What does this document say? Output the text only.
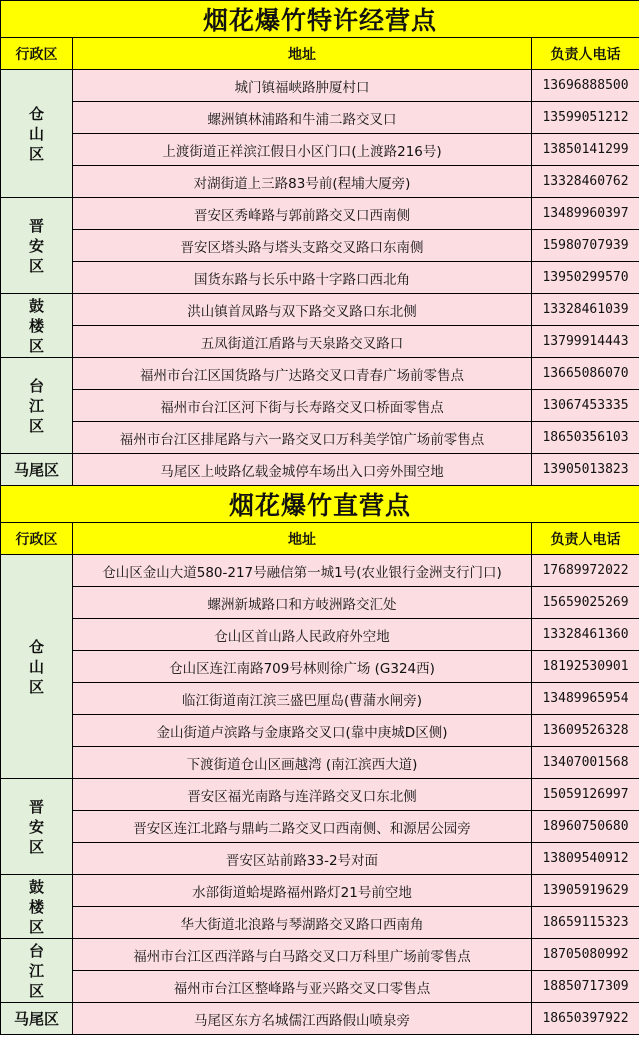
烟花爆竹特许经营点		
行政区	地址	负责人电话
仓山区	城门镇福峡路肿厦村口	13696888500
	螺洲镇林浦路和牛浦二路交叉口	13599051212
	上渡街道正祥滨江假日小区门口(上渡路216号)	13850141299
	对湖街道上三路83号前(程埔大厦旁)	13328460762
晋安区	晋安区秀峰路与郭前路交叉口西南侧	13489960397
	晋安区塔头路与塔头支路交叉路口东南侧	15980707939
	国货东路与长乐中路十字路口西北角	13950299570
鼓楼区	洪山镇首凤路与双下路交叉路口东北侧	13328461039
	五凤街道江盾路与天泉路交叉路口	13799914443
台江区	福州市台江区国货路与广达路交叉口青春广场前零售点	13665086070
	福州市台江区河下街与长寿路交叉口桥面零售点	13067453335
	福州市台江区排尾路与六一路交叉口万科美学馆广场前零售点	18650356103
马尾区	马尾区上岐路亿载金城停车场出入口旁外围空地	13905013823
烟花爆竹直营点		
行政区	地址	负责人电话
仓山区	仓山区金山大道580-217号融信第一城1号(农业银行金洲支行门口)	17689972022
	螺洲新城路口和方岐洲路交汇处	15659025269
	仓山区首山路人民政府外空地	13328461360
	仓山区连江南路709号林则徐广场 (G324西)	18192530901
	临江街道南江滨三盛巴厘岛(曹蒲水闸旁)	13489965954
	金山街道卢滨路与金康路交叉口(靠中庚城D区侧)	13609526328
	下渡街道仓山区画越湾 (南江滨西大道)	13407001568
晋安区	晋安区福光南路与连洋路交叉口东北侧	15059126997
	晋安区连江北路与鼎屿二路交叉口西南侧、和源居公园旁	18960750680
	晋安区站前路33-2号对面	13809540912
鼓楼区	水部街道蛤堤路福州路灯21号前空地	13905919629
	华大街道北浪路与琴湖路交叉路口西南角	18659115323
台江区	福州市台江区西洋路与白马路交叉口万科里广场前零售点	18705080992
	福州市台江区整峰路与亚兴路交叉口零售点	18850717309
马尾区	马尾区东方名城儒江西路假山喷泉旁	18650397922
